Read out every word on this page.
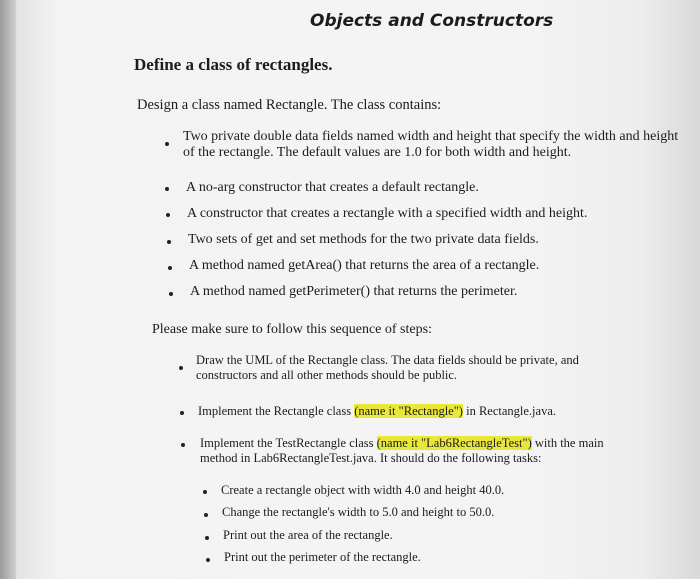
Objects and Constructors
Define a class of rectangles.
Design a class named Rectangle. The class contains:
Two private double data fields named width and height that specify the width and height
of the rectangle. The default values are 1.0 for both width and height.
A no-arg constructor that creates a default rectangle.
A constructor that creates a rectangle with a specified width and height.
Two sets of get and set methods for the two private data fields.
A method named getArea() that returns the area of a rectangle.
A method named getPerimeter() that returns the perimeter.
Please make sure to follow this sequence of steps:
Draw the UML of the Rectangle class. The data fields should be private, and
constructors and all other methods should be public.
Implement the Rectangle class (name it "Rectangle") in Rectangle.java.
Implement the TestRectangle class (name it "Lab6RectangleTest") with the main
method in Lab6RectangleTest.java. It should do the following tasks:
Create a rectangle object with width 4.0 and height 40.0.
Change the rectangle's width to 5.0 and height to 50.0.
Print out the area of the rectangle.
Print out the perimeter of the rectangle.
